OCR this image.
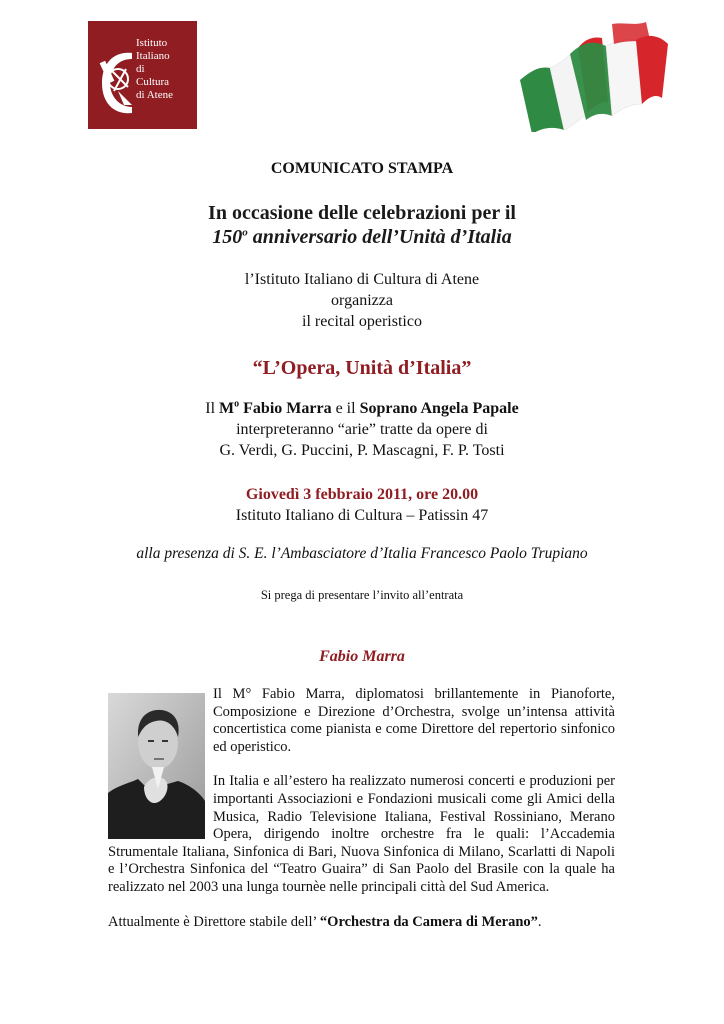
Istituto
Italiano
di
Cultura
di Atene
COMUNICATO STAMPA
In occasione delle celebrazioni per il
150$^o$ anniversario dell’Unità d’Italia
l’Istituto Italiano di Cultura di Atene
organizza
il recital operistico
“L’Opera, Unità d’Italia”
Il $M^o$ Fabio Marra e il Soprano Angela Papale
interpreteranno “arie” tratte da opere di
G. Verdi, G. Puccini, P. Mascagni, F. P. Tosti
Giovedì 3 febbraio 2011, ore 20.00
Istituto Italiano di Cultura – Patissin 47
alla presenza di S. E. l’Ambasciatore d’Italia Francesco Paolo Trupiano
Si prega di presentare l’invito all’entrata
Fabio Marra

Il M° Fabio Marra, diplomatosi brillantemente in Pianoforte, Composizione e Direzione d’Orchestra, svolge un’intensa attività concertistica come pianista e come Direttore del repertorio sinfonico ed operistico.

In Italia e all’estero ha realizzato numerosi concerti e produzioni per importanti Associazioni e Fondazioni musicali come gli Amici della Musica, Radio Televisione Italiana, Festival Rossiniano, Merano Opera, dirigendo inoltre orchestre fra le quali: l’Accademia Strumentale Italiana, Sinfonica di Bari, Nuova Sinfonica di Milano, Scarlatti di Napoli e l’Orchestra Sinfonica del “Teatro Guaira” di San Paolo del Brasile con la quale ha realizzato nel 2003 una lunga tournèe nelle principali città del Sud America.

Attualmente è Direttore stabile dell’ “Orchestra da Camera di Merano”.
